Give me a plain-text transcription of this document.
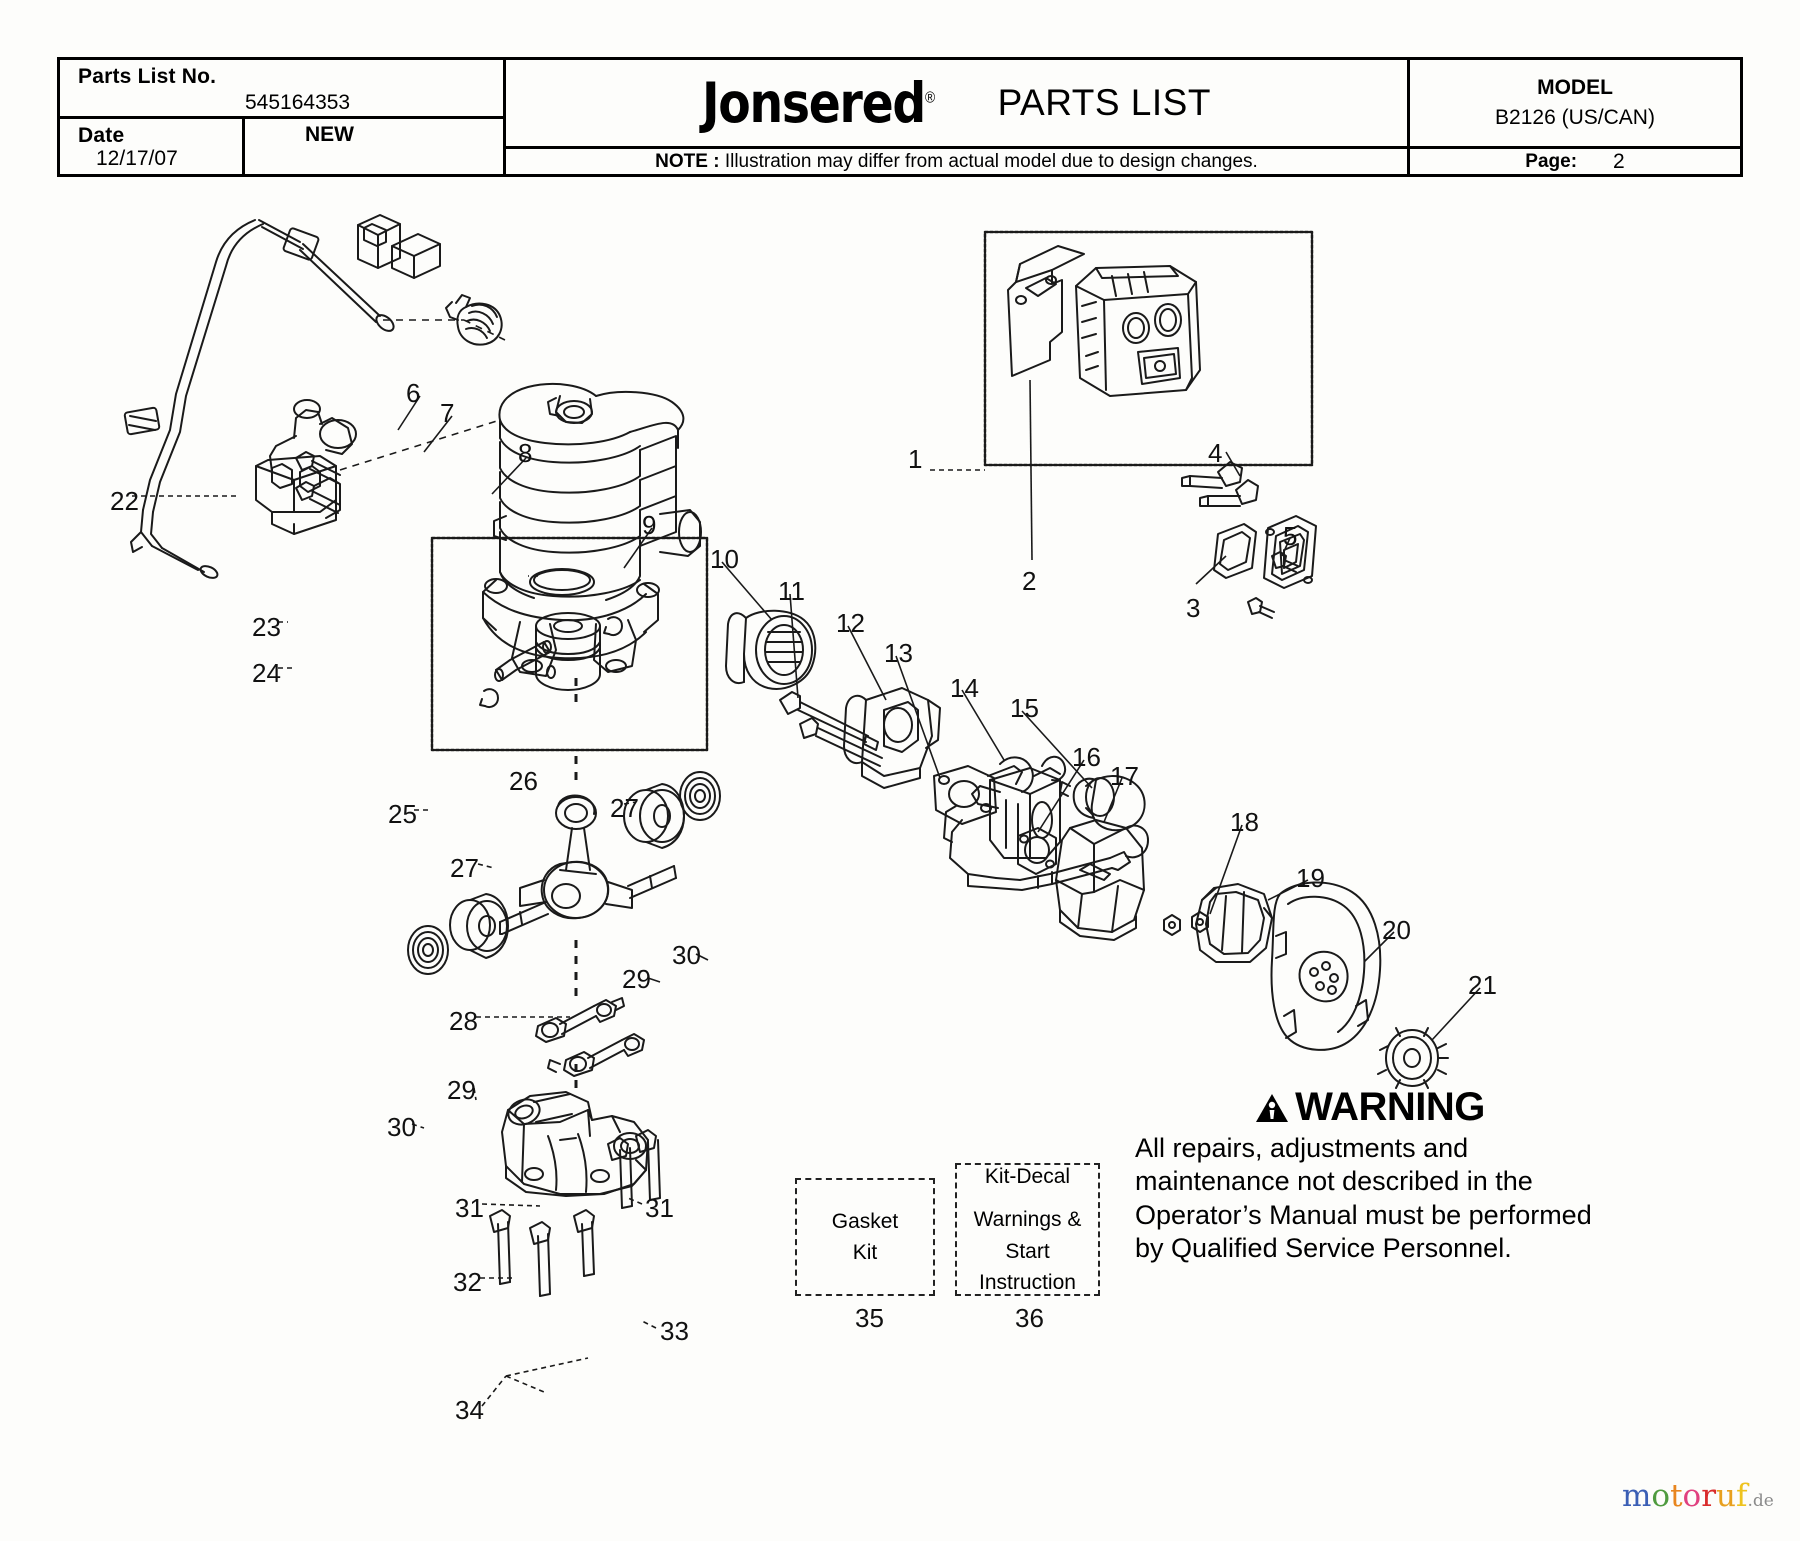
Parts List No.
545164353
Date
12/17/07
NEW	Jonsered® PARTS LIST
NOTE : Illustration may differ from actual model due to design changes.
MODEL
B2126 (US/CAN)
Page: 2
1
2
3
4
5
6
7
8
9
10
11
12
13
14
15
16
17
18
19
20
21
22
23
24
25
26
27
27
28
29
30
29
30
31	31
32
33
34
35	36
Gasket
Kit
Kit-Decal
Warnings &
Start Instruction
WARNING
All repairs, adjustments and maintenance not described in the Operator’s Manual must be performed by Qualified Service Personnel.
motoruf.de
